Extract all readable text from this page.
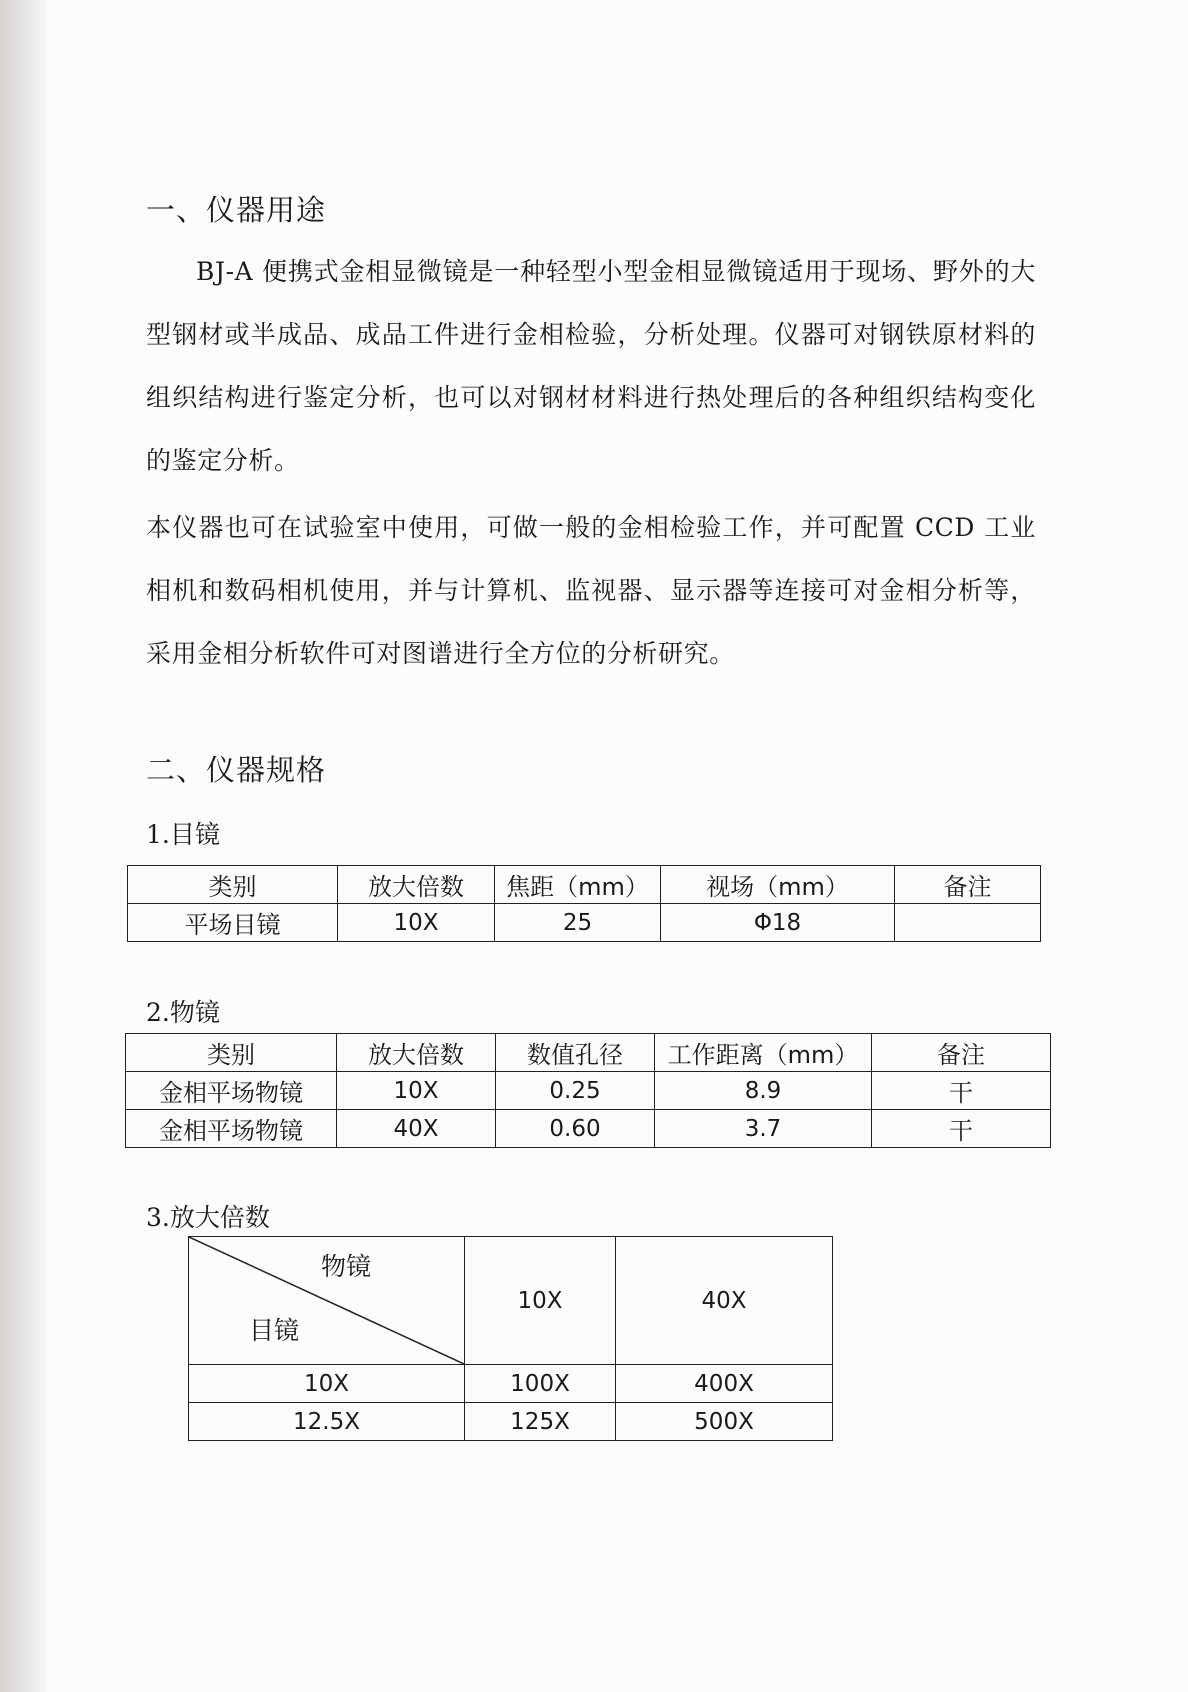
一、仪器用途
BJ-A 便携式金相显微镜是一种轻型小型金相显微镜适用于现场、野外的大型钢材或半成品、成品工件进行金相检验，分析处理。仪器可对钢铁原材料的组织结构进行鉴定分析，也可以对钢材材料进行热处理后的各种组织结构变化的鉴定分析。
本仪器也可在试验室中使用，可做一般的金相检验工作，并可配置 CCD 工业相机和数码相机使用，并与计算机、监视器、显示器等连接可对金相分析等，采用金相分析软件可对图谱进行全方位的分析研究。
二、仪器规格
1.目镜
类别	放大倍数	焦距（mm）	视场（mm）	备注
平场目镜	10X	25	Φ18	
2.物镜
类别	放大倍数	数值孔径	工作距离（mm）	备注
金相平场物镜	10X	0.25	8.9	干
金相平场物镜	40X	0.60	3.7	干
3.放大倍数
物镜
目镜	10X	40X
10X	100X	400X
12.5X	125X	500X
